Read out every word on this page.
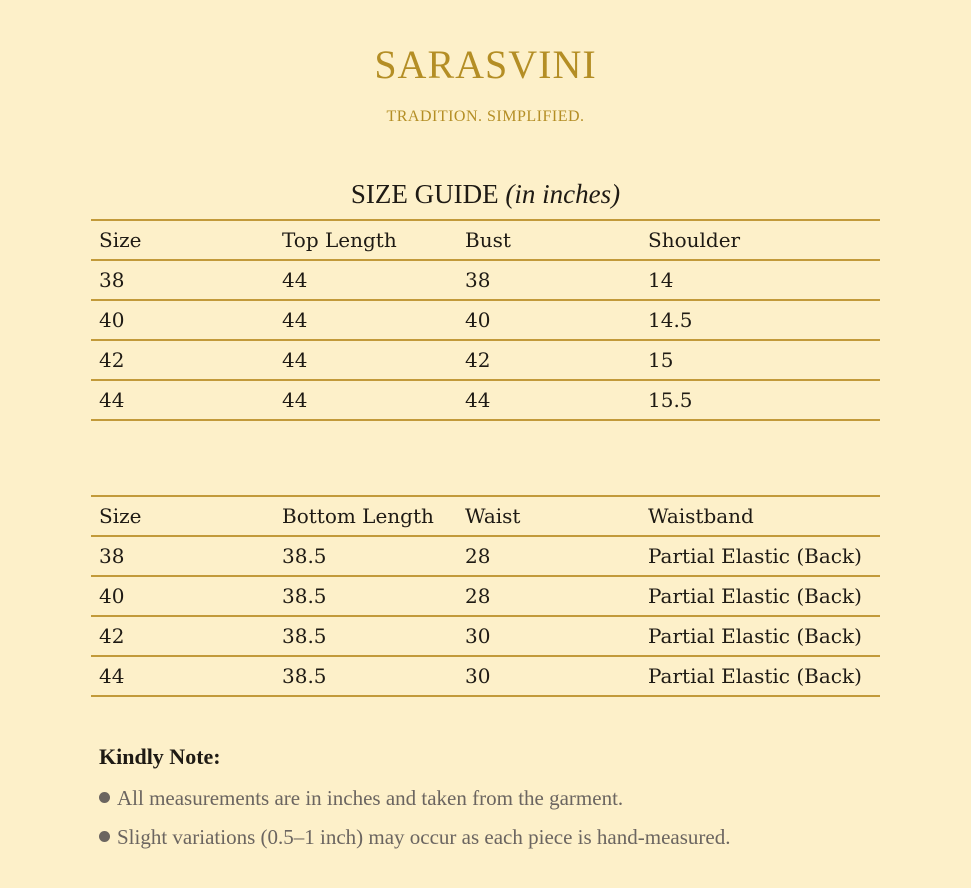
SARASVINI
TRADITION. SIMPLIFIED.
SIZE GUIDE (in inches)
Size	Top Length	Bust	Shoulder
38	44	38	14
40	44	40	14.5
42	44	42	15
44	44	44	15.5
Size	Bottom Length	Waist	Waistband
38	38.5	28	Partial Elastic (Back)
40	38.5	28	Partial Elastic (Back)
42	38.5	30	Partial Elastic (Back)
44	38.5	30	Partial Elastic (Back)
Kindly Note:
All measurements are in inches and taken from the garment.
Slight variations (0.5–1 inch) may occur as each piece is hand-measured.
